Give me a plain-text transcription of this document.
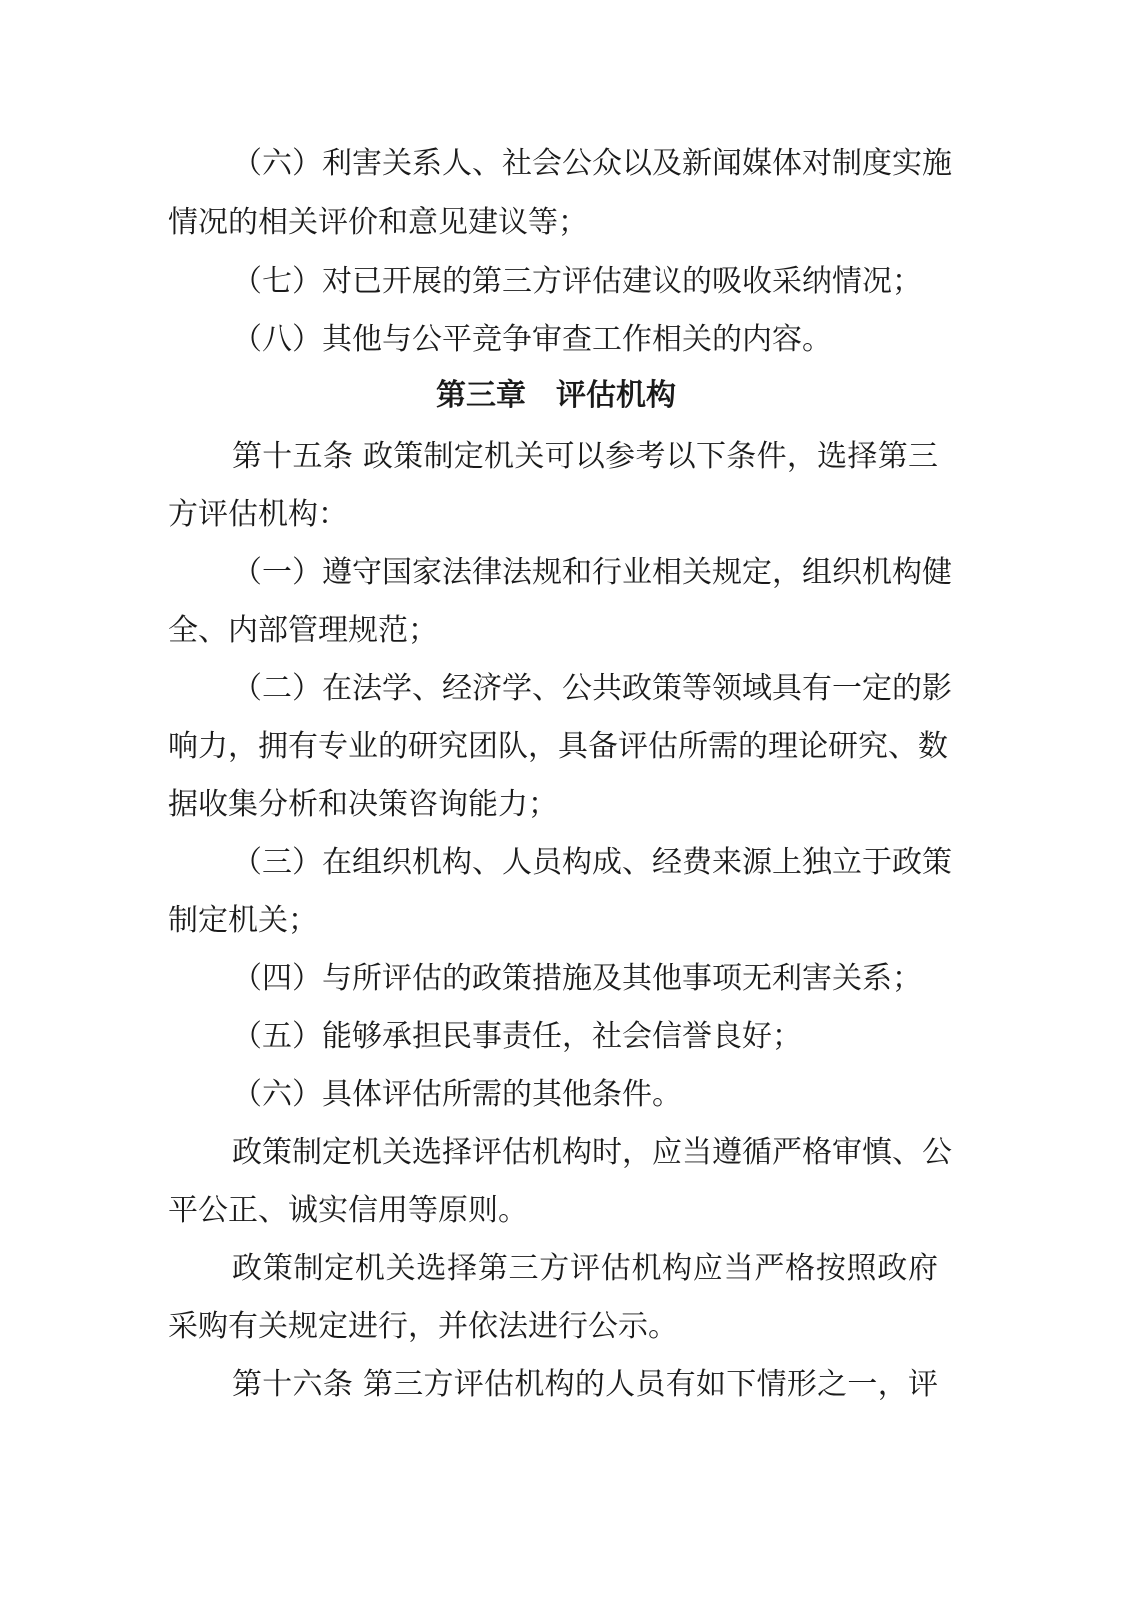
（六）利害关系人、社会公众以及新闻媒体对制度实施
情况的相关评价和意见建议等；
（七）对已开展的第三方评估建议的吸收采纳情况；
（八）其他与公平竞争审查工作相关的内容。
第三章　评估机构
第十五条 政策制定机关可以参考以下条件，选择第三
方评估机构：
（一）遵守国家法律法规和行业相关规定，组织机构健
全、内部管理规范；
（二）在法学、经济学、公共政策等领域具有一定的影
响力，拥有专业的研究团队，具备评估所需的理论研究、数
据收集分析和决策咨询能力；
（三）在组织机构、人员构成、经费来源上独立于政策
制定机关；
（四）与所评估的政策措施及其他事项无利害关系；
（五）能够承担民事责任，社会信誉良好；
（六）具体评估所需的其他条件。
政策制定机关选择评估机构时，应当遵循严格审慎、公
平公正、诚实信用等原则。
政策制定机关选择第三方评估机构应当严格按照政府
采购有关规定进行，并依法进行公示。
第十六条 第三方评估机构的人员有如下情形之一，评
